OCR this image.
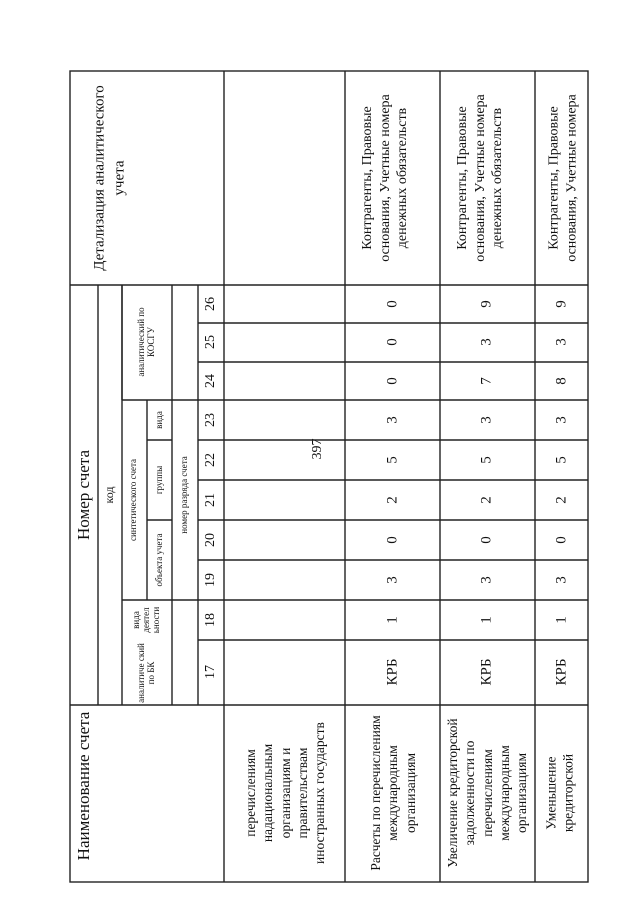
397
Наименование счета
Номер счета код
аналитиче ский по БК
вида деятел ьности
синтетического счета
объекта учета
группы
вида
аналитический по КОСГУ
номер разряда счета
Детализация аналитического учета
17
18
19
20
21
22
23
24
25
26
перечислениям надациональным организациям и правительствам иностранных государств	Расчеты по перечислениям международным организациям
КРБ
1
3
0
2
5
3
0
0
0
Контрагенты, Правовые основания, Учетные номера денежных обязательств
Увеличение кредиторской задолженности по перечислениям международным организациям
КРБ
1
3
0
2
5
3
7
3
9
Контрагенты, Правовые основания, Учетные номера денежных обязательств
Уменьшение кредиторской
КРБ
1
3
0
2
5
3
8
3
9
Контрагенты, Правовые основания, Учетные номера
